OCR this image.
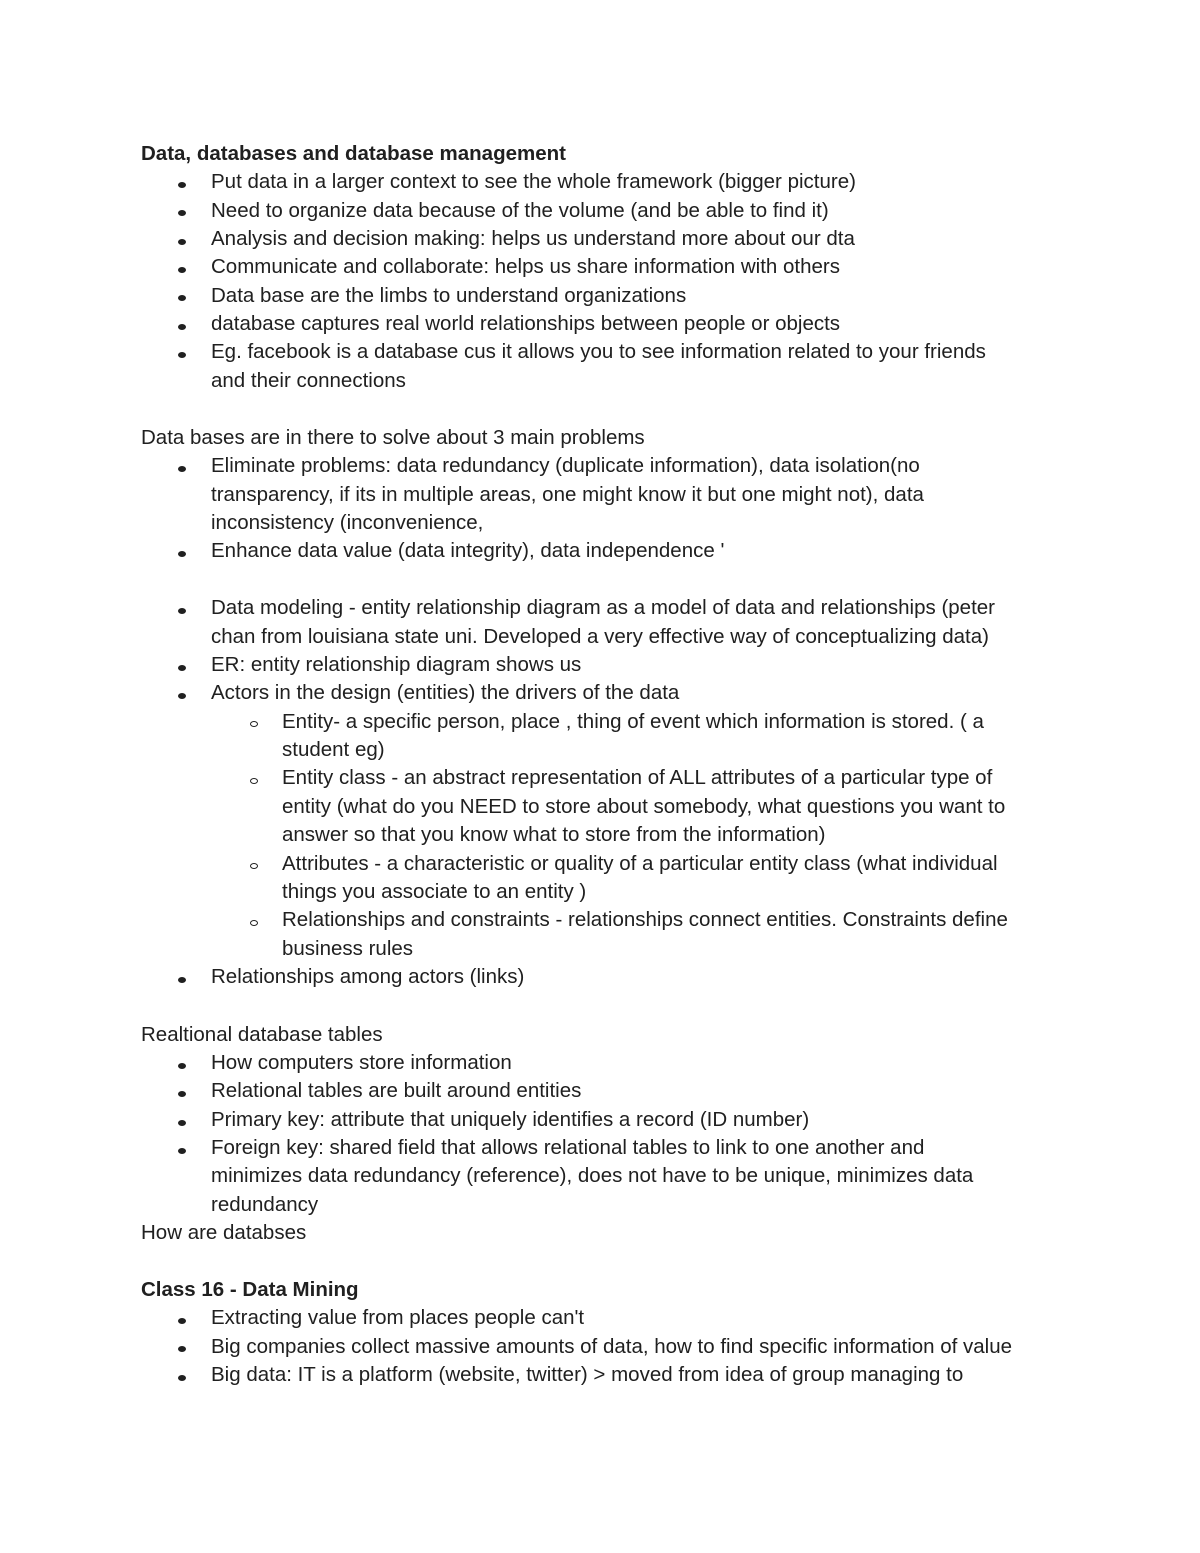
Data, databases and database management
Put data in a larger context to see the whole framework (bigger picture)
Need to organize data because of the volume (and be able to find it)
Analysis and decision making: helps us understand more about our dta
Communicate and collaborate: helps us share information with others
Data base are the limbs to understand organizations
database captures real world relationships between people or objects
Eg. facebook is a database cus it allows you to see information related to your friends
and their connections
Data bases are in there to solve about 3 main problems
Eliminate problems: data redundancy (duplicate information), data isolation(no
transparency, if its in multiple areas, one might know it but one might not), data
inconsistency (inconvenience,
Enhance data value (data integrity), data independence '
Data modeling - entity relationship diagram as a model of data and relationships (peter
chan from louisiana state uni. Developed a very effective way of conceptualizing data)
ER: entity relationship diagram shows us
Actors in the design (entities) the drivers of the data
Entity- a specific person, place , thing of event which information is stored. ( a
student eg)
Entity class - an abstract representation of ALL attributes of a particular type of
entity (what do you NEED to store about somebody, what questions you want to
answer so that you know what to store from the information)
Attributes - a characteristic or quality of a particular entity class (what individual
things you associate to an entity )
Relationships and constraints - relationships connect entities. Constraints define
business rules
Relationships among actors (links)
Realtional database tables
How computers store information
Relational tables are built around entities
Primary key: attribute that uniquely identifies a record (ID number)
Foreign key: shared field that allows relational tables to link to one another and
minimizes data redundancy (reference), does not have to be unique, minimizes data
redundancy
How are databses
Class 16 - Data Mining
Extracting value from places people can't
Big companies collect massive amounts of data, how to find specific information of value
Big data: IT is a platform (website, twitter) > moved from idea of group managing to
